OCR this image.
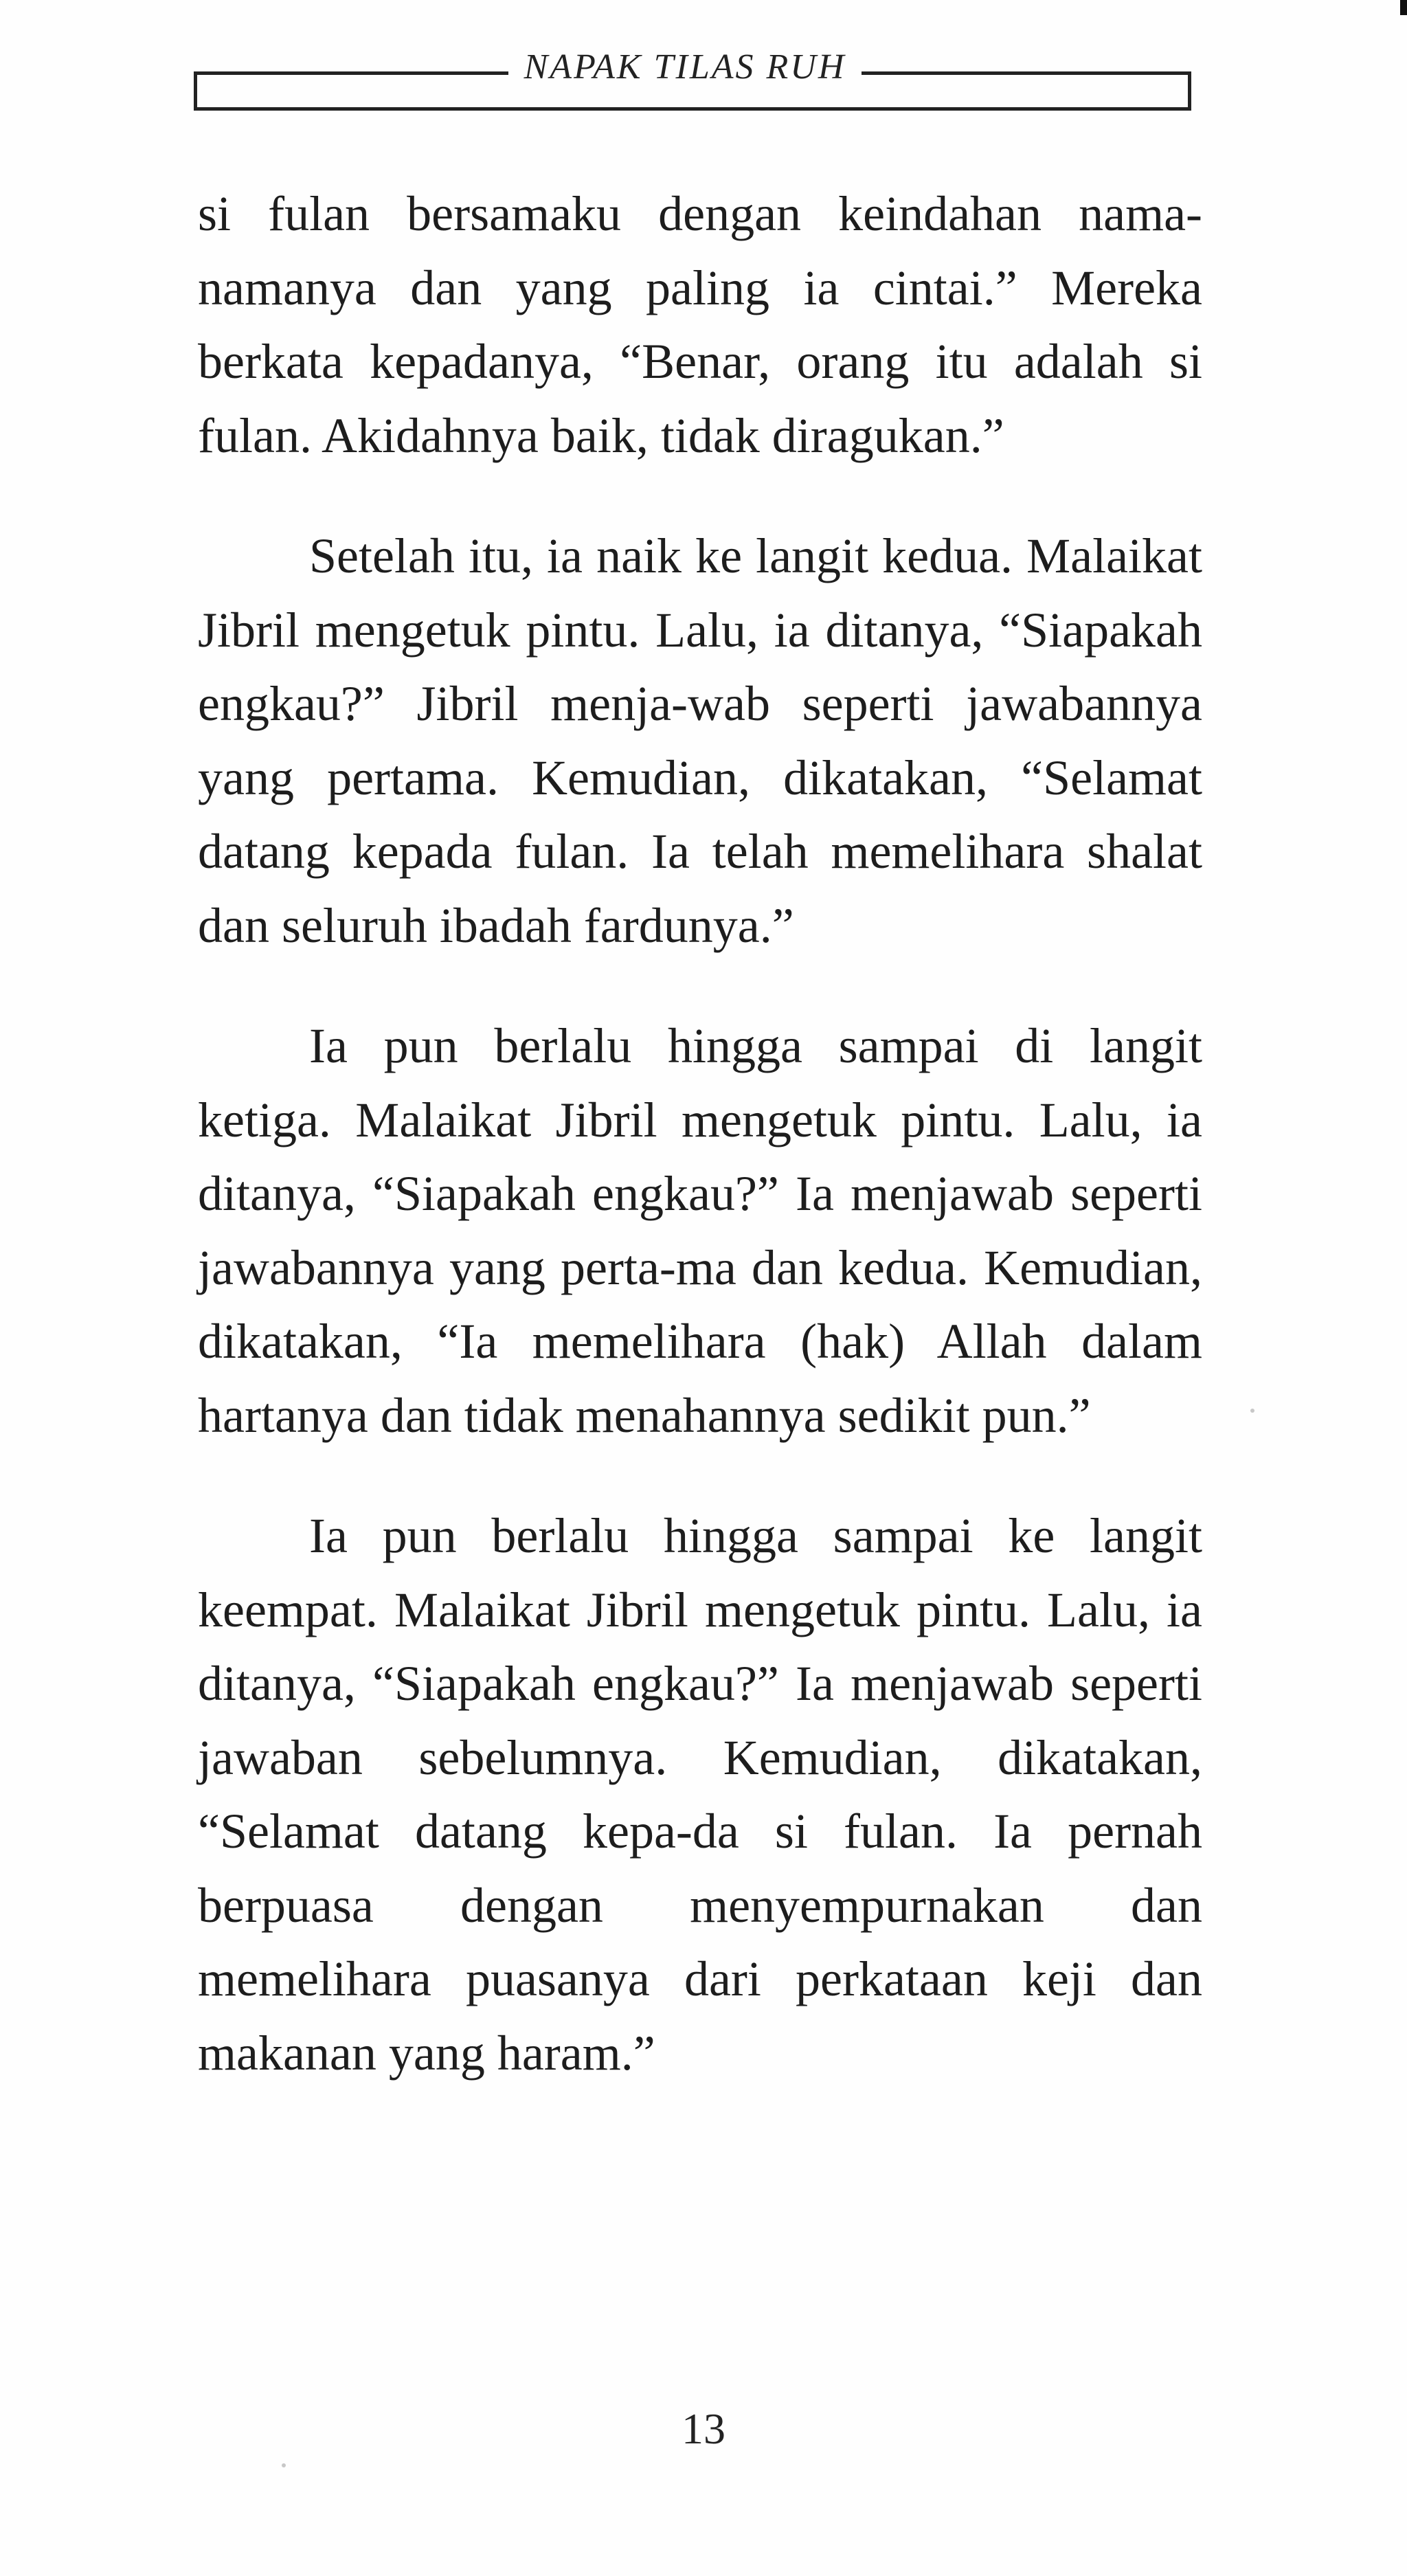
NAPAK TILAS RUH

si fulan bersamaku dengan keindahan nama-namanya dan yang paling ia cintai.” Mereka berkata kepadanya, “Benar, orang itu adalah si fulan. Akidahnya baik, tidak diragukan.”

Setelah itu, ia naik ke langit kedua. Malaikat Jibril mengetuk pintu. Lalu, ia ditanya, “Siapakah engkau?” Jibril menja-wab seperti jawabannya yang pertama. Kemudian, dikatakan, “Selamat datang kepada fulan. Ia telah memelihara shalat dan seluruh ibadah fardunya.”

Ia pun berlalu hingga sampai di langit ketiga. Malaikat Jibril mengetuk pintu. Lalu, ia ditanya, “Siapakah engkau?” Ia menjawab seperti jawabannya yang perta-ma dan kedua. Kemudian, dikatakan, “Ia memelihara (hak) Allah dalam hartanya dan tidak menahannya sedikit pun.”

Ia pun berlalu hingga sampai ke langit keempat. Malaikat Jibril mengetuk pintu. Lalu, ia ditanya, “Siapakah engkau?” Ia menjawab seperti jawaban sebelumnya. Kemudian, dikatakan, “Selamat datang kepa-da si fulan. Ia pernah berpuasa dengan menyempurnakan dan memelihara puasanya dari perkataan keji dan makanan yang haram.”

13
